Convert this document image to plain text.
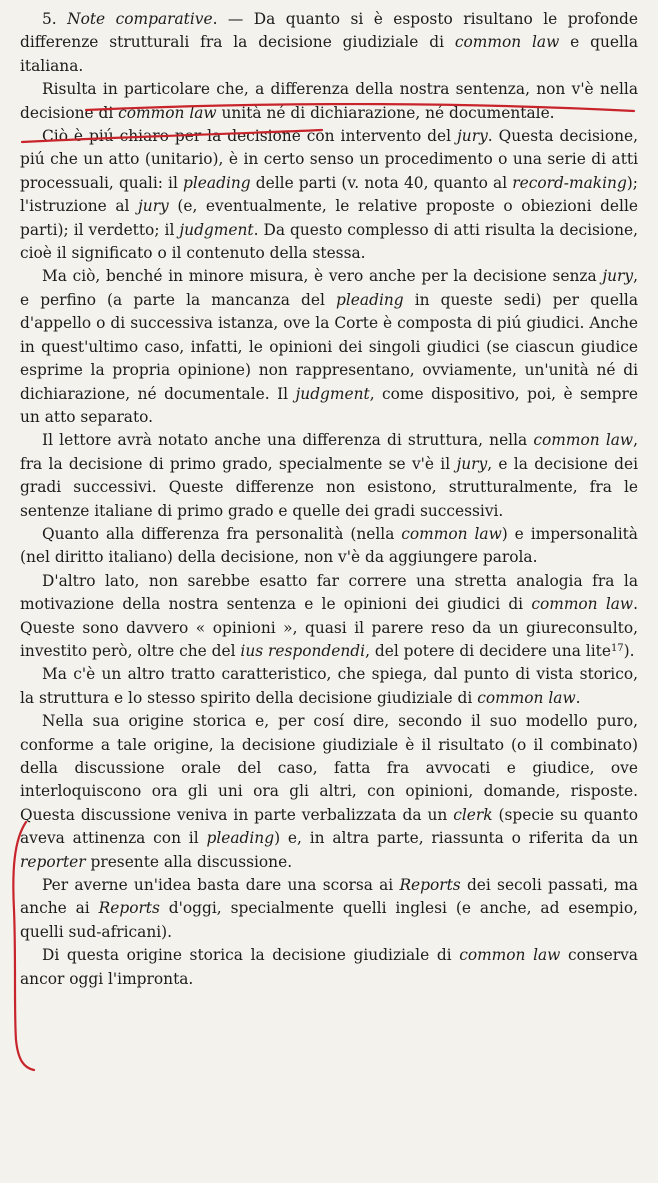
5. Note comparative. — Da quanto si è esposto risultano le profonde differenze strutturali fra la decisione giudiziale di common law e quella italiana.

Risulta in particolare che, a differenza della nostra sentenza, non v'è nella decisione di common law unità né di dichiarazione, né documentale.

Ciò è piú chiaro per la decisione con intervento del jury. Questa decisione, piú che un atto (unitario), è in certo senso un procedimento o una serie di atti processuali, quali: il pleading delle parti (v. nota 40, quanto al record-making); l'istruzione al jury (e, eventualmente, le relative proposte o obiezioni delle parti); il verdetto; il judgment. Da questo complesso di atti risulta la decisione, cioè il significato o il contenuto della stessa.

Ma ciò, benché in minore misura, è vero anche per la decisione senza jury, e perfino (a parte la mancanza del pleading in queste sedi) per quella d'appello o di successiva istanza, ove la Corte è composta di piú giudici. Anche in quest'ultimo caso, infatti, le opinioni dei singoli giudici (se ciascun giudice esprime la propria opinione) non rappresentano, ovviamente, un'unità né di dichiarazione, né documentale. Il judgment, come dispositivo, poi, è sempre un atto separato.

Il lettore avrà notato anche una differenza di struttura, nella common law, fra la decisione di primo grado, specialmente se v'è il jury, e la decisione dei gradi successivi. Queste differenze non esistono, strutturalmente, fra le sentenze italiane di primo grado e quelle dei gradi successivi.

Quanto alla differenza fra personalità (nella common law) e impersonalità (nel diritto italiano) della decisione, non v'è da aggiungere parola.

D'altro lato, non sarebbe esatto far correre una stretta analogia fra la motivazione della nostra sentenza e le opinioni dei giudici di common law. Queste sono davvero « opinioni », quasi il parere reso da un giureconsulto, investito però, oltre che del ius respondendi, del potere di decidere una lite$^{17}$).

Ma c'è un altro tratto caratteristico, che spiega, dal punto di vista storico, la struttura e lo stesso spirito della decisione giudiziale di common law.

Nella sua origine storica e, per cosí dire, secondo il suo modello puro, conforme a tale origine, la decisione giudiziale è il risultato (o il combinato) della discussione orale del caso, fatta fra avvocati e giudice, ove interloquiscono ora gli uni ora gli altri, con opinioni, domande, risposte. Questa discussione veniva in parte verbalizzata da un clerk (specie su quanto aveva attinenza con il pleading) e, in altra parte, riassunta o riferita da un reporter presente alla discussione.

Per averne un'idea basta dare una scorsa ai Reports dei secoli passati, ma anche ai Reports d'oggi, specialmente quelli inglesi (e anche, ad esempio, quelli sud-africani).

Di questa origine storica la decisione giudiziale di common law conserva ancor oggi l'impronta.
